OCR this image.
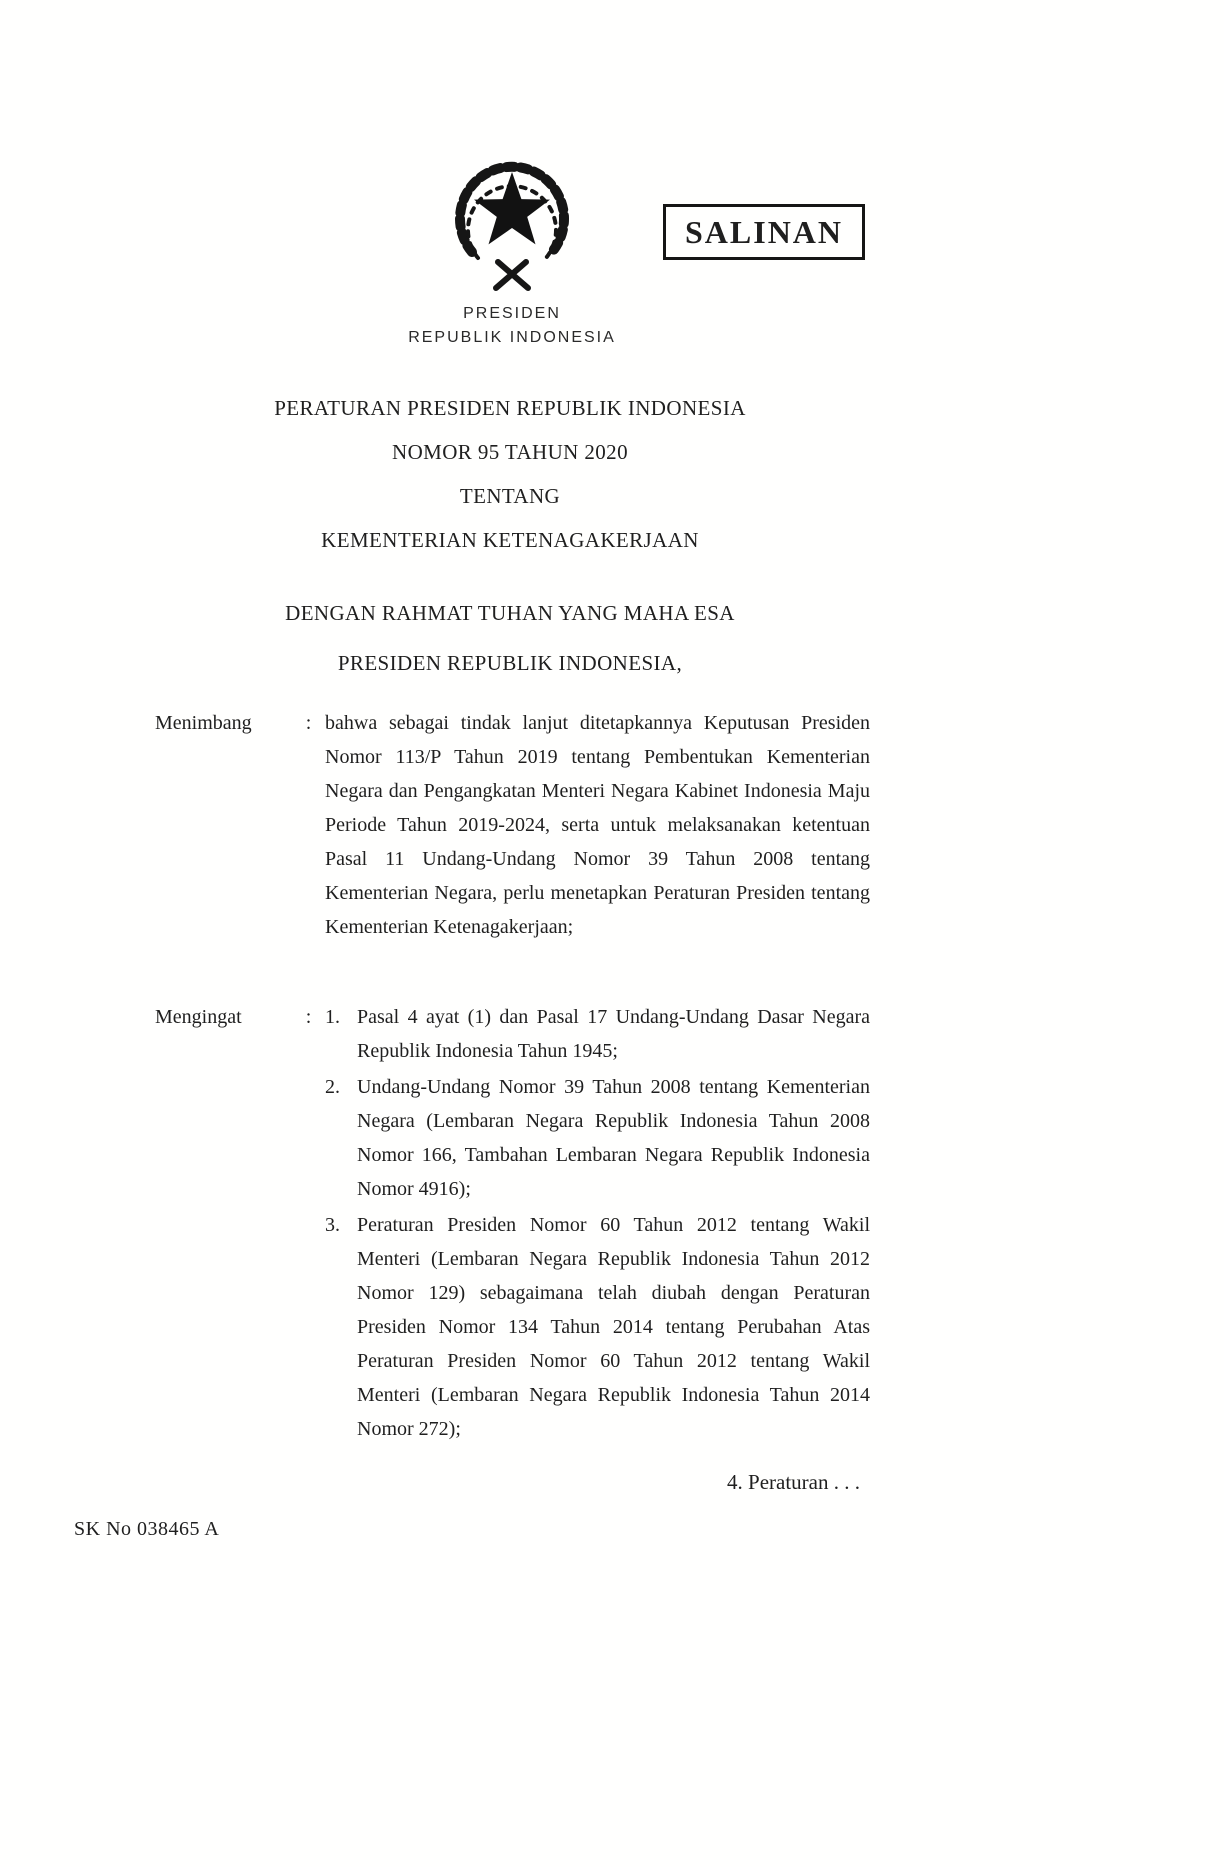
SALINAN
PRESIDEN
REPUBLIK INDONESIA
PERATURAN PRESIDEN REPUBLIK INDONESIA
NOMOR 95 TAHUN 2020
TENTANG
KEMENTERIAN KETENAGAKERJAAN
DENGAN RAHMAT TUHAN YANG MAHA ESA
PRESIDEN REPUBLIK INDONESIA,
Menimbang	: bahwa sebagai tindak lanjut ditetapkannya Keputusan Presiden Nomor 113/P Tahun 2019 tentang Pembentukan Kementerian Negara dan Pengangkatan Menteri Negara Kabinet Indonesia Maju Periode Tahun 2019-2024, serta untuk melaksanakan ketentuan Pasal 11 Undang-Undang Nomor 39 Tahun 2008 tentang Kementerian Negara, perlu menetapkan Peraturan Presiden tentang Kementerian Ketenagakerjaan;
Mengingat	: 1. Pasal 4 ayat (1) dan Pasal 17 Undang-Undang Dasar Negara Republik Indonesia Tahun 1945;
2. Undang-Undang Nomor 39 Tahun 2008 tentang Kementerian Negara (Lembaran Negara Republik Indonesia Tahun 2008 Nomor 166, Tambahan Lembaran Negara Republik Indonesia Nomor 4916);
3. Peraturan Presiden Nomor 60 Tahun 2012 tentang Wakil Menteri (Lembaran Negara Republik Indonesia Tahun 2012 Nomor 129) sebagaimana telah diubah dengan Peraturan Presiden Nomor 134 Tahun 2014 tentang Perubahan Atas Peraturan Presiden Nomor 60 Tahun 2012 tentang Wakil Menteri (Lembaran Negara Republik Indonesia Tahun 2014 Nomor 272);
4. Peraturan . . .
SK No 038465 A
